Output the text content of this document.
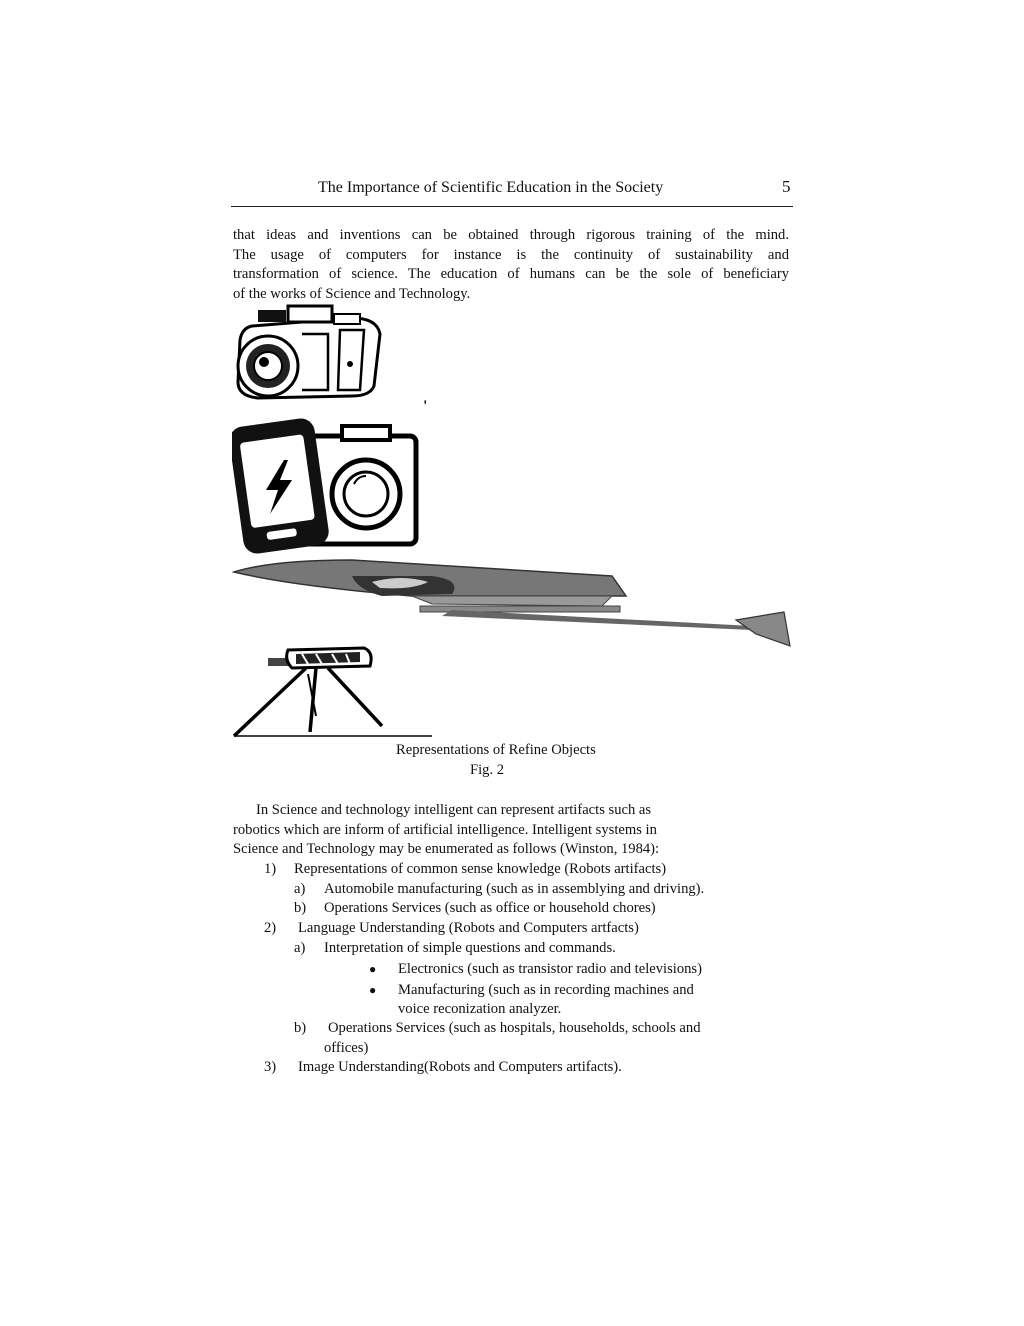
The Importance of Scientific Education in the Society	5

that ideas and inventions can be obtained through rigorous training of the mind.

The usage of computers for instance is the continuity of sustainability and

transformation of science. The education of humans can be the sole of beneficiary

of the works of Science and Technology.

'
Representations of Refine Objects
Fig. 2
In Science and technology intelligent can represent artifacts such as
robotics which are inform of artificial intelligence. Intelligent systems in
Science and Technology may be enumerated as follows (Winston, 1984):
1) Representations of common sense knowledge (Robots artifacts)
a) Automobile manufacturing (such as in assemblying and driving).
b) Operations Services (such as office or household chores)
2) Language Understanding (Robots and Computers artfacts)
a) Interpretation of simple questions and commands.
● Electronics (such as transistor radio and televisions)
● Manufacturing (such as in recording machines and
voice reconization analyzer.
b) Operations Services (such as hospitals, households, schools and
offices)
3) Image Understanding(Robots and Computers artifacts).
